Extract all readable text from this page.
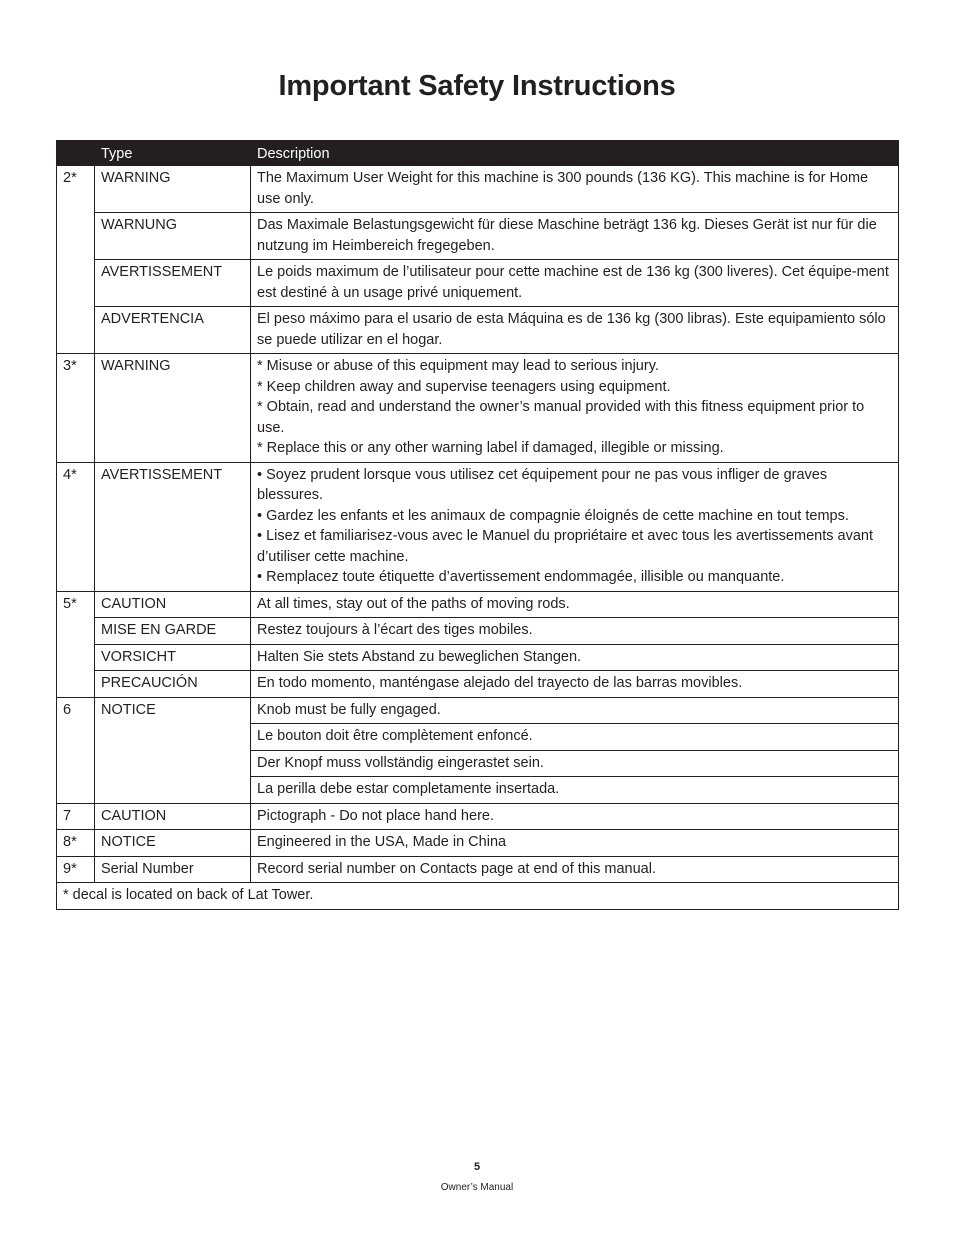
Important Safety Instructions
	Type	Description
2*	WARNING	The Maximum User Weight for this machine is 300 pounds (136 KG). This machine is for Home use only.
	WARNUNG	Das Maximale Belastungsgewicht für diese Maschine beträgt 136 kg. Dieses Gerät ist nur für die nutzung im Heimbereich fregegeben.
	AVERTISSEMENT	Le poids maximum de l’utilisateur pour cette machine est de 136 kg (300 liveres). Cet équipe-ment est destiné à un usage privé uniquement.
	ADVERTENCIA	El peso máximo para el usario de esta Máquina es de 136 kg (300 libras). Este equipamiento sólo se puede utilizar en el hogar.
3*	WARNING	* Misuse or abuse of this equipment may lead to serious injury.
* Keep children away and supervise teenagers using equipment.
* Obtain, read and understand the owner’s manual provided with this fitness equipment prior to use.
* Replace this or any other warning label if damaged, illegible or missing.

4*	AVERTISSEMENT	• Soyez prudent lorsque vous utilisez cet équipement pour ne pas vous infliger de graves blessures.
• Gardez les enfants et les animaux de compagnie éloignés de cette machine en tout temps.
• Lisez et familiarisez-vous avec le Manuel du propriétaire et avec tous les avertissements avant d’utiliser cette machine.
• Remplacez toute étiquette d’avertissement endommagée, illisible ou manquante.

5*	CAUTION	At all times, stay out of the paths of moving rods.
	MISE EN GARDE	Restez toujours à l’écart des tiges mobiles.
	VORSICHT	Halten Sie stets Abstand zu beweglichen Stangen.
	PRECAUCIÓN	En todo momento, manténgase alejado del trayecto de las barras movibles.
6	NOTICE	Knob must be fully engaged.
		Le bouton doit être complètement enfoncé.
		Der Knopf muss vollständig eingerastet sein.
		La perilla debe estar completamente insertada.
7	CAUTION	Pictograph - Do not place hand here.
8*	NOTICE	Engineered in the USA, Made in China
9*	Serial Number	Record serial number on Contacts page at end of this manual.
* decal is located on back of Lat Tower.		
5
Owner’s Manual
